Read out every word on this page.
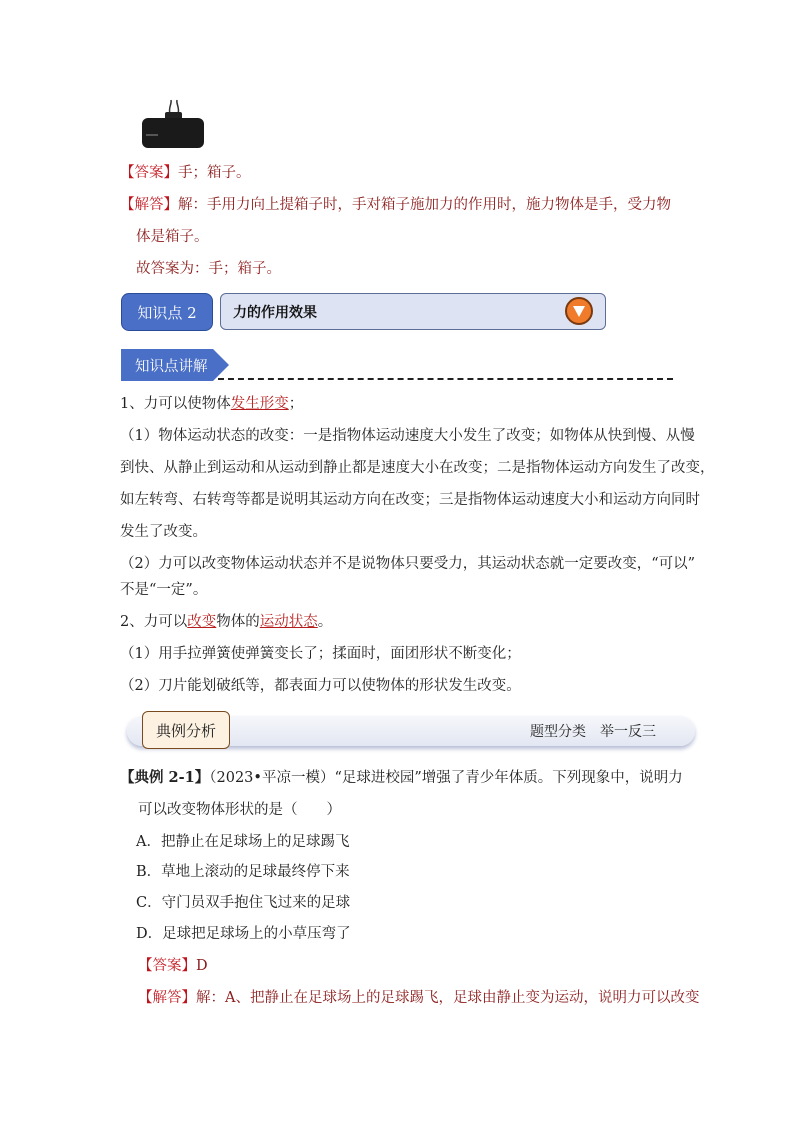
【答案】手；箱子。
【解答】解：手用力向上提箱子时，手对箱子施加力的作用时，施力物体是手，受力物
体是箱子。
故答案为：手；箱子。
知识点 2	力的作用效果
知识点讲解
1、力可以使物体发生形变；
（1）物体运动状态的改变：一是指物体运动速度大小发生了改变；如物体从快到慢、从慢
到快、从静止到运动和从运动到静止都是速度大小在改变；二是指物体运动方向发生了改变，
如左转弯、右转弯等都是说明其运动方向在改变；三是指物体运动速度大小和运动方向同时
发生了改变。
（2）力可以改变物体运动状态并不是说物体只要受力，其运动状态就一定要改变，“可以”
不是“一定”。
2、力可以改变物体的运动状态。
（1）用手拉弹簧使弹簧变长了；揉面时，面团形状不断变化；
（2）刀片能划破纸等，都表面力可以使物体的形状发生改变。
典例分析	题型分类　举一反三
【典例 2-1】（2023•平凉一模）“足球进校园”增强了青少年体质。下列现象中，说明力
可以改变物体形状的是（　　）
A．把静止在足球场上的足球踢飞
B．草地上滚动的足球最终停下来
C．守门员双手抱住飞过来的足球
D．足球把足球场上的小草压弯了
【答案】D
【解答】解：A、把静止在足球场上的足球踢飞，足球由静止变为运动，说明力可以改变
